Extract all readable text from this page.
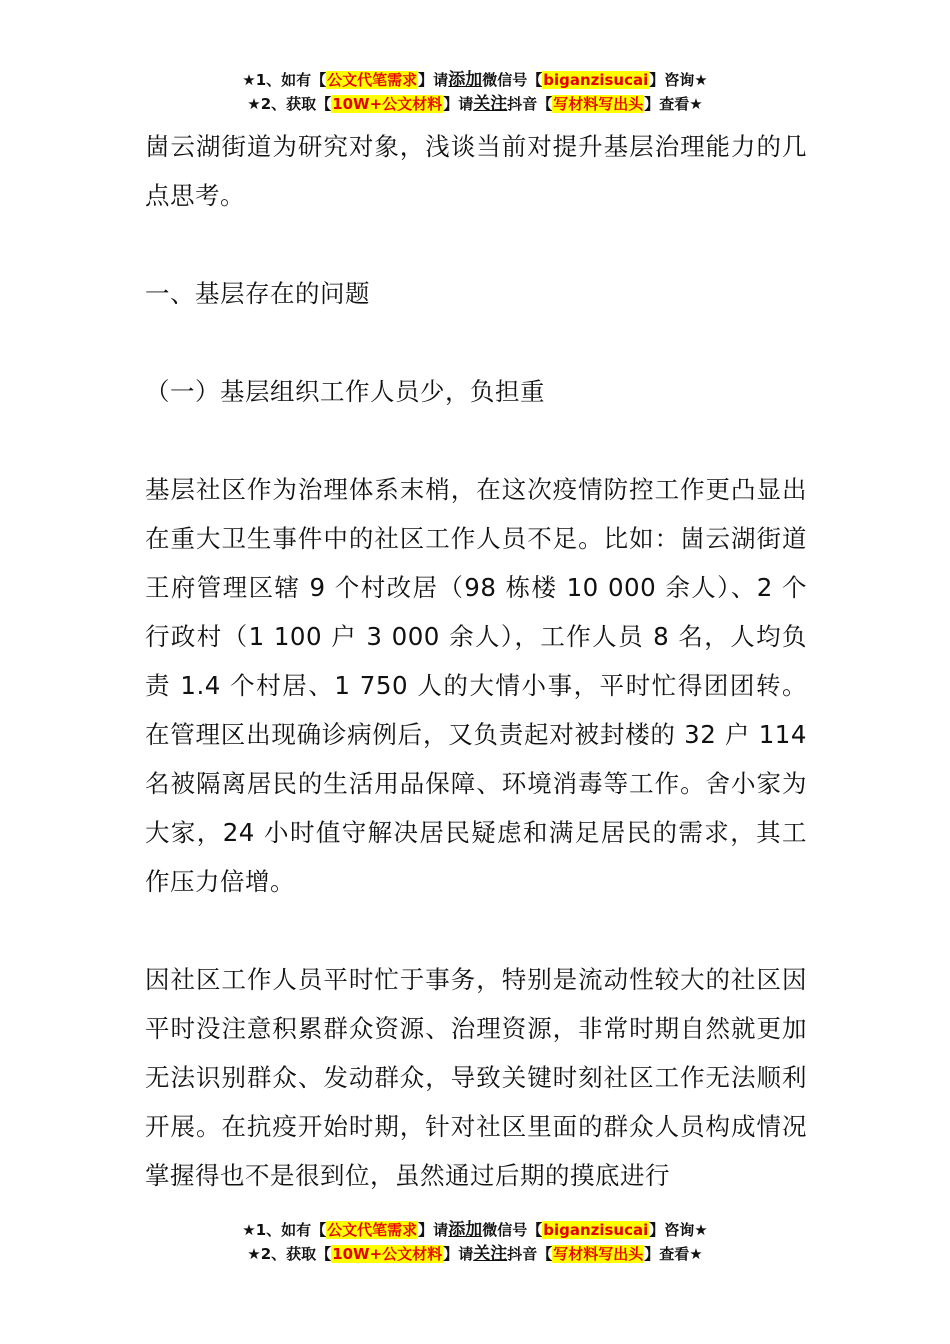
★1、如有【公文代笔需求】请添加微信号【biganzisucai】咨询★
★2、获取【10W+公文材料】请关注抖音【写材料写出头】查看★

崮云湖街道为研究对象，浅谈当前对提升基层治理能力的几点思考。

一、基层存在的问题

（一）基层组织工作人员少，负担重

基层社区作为治理体系末梢，在这次疫情防控工作更凸显出在重大卫生事件中的社区工作人员不足。比如：崮云湖街道王府管理区辖 9 个村改居（98 栋楼 10 000 余人）、2 个行政村（1 100 户 3 000 余人），工作人员 8 名，人均负责 1.4 个村居、1 750 人的大情小事，平时忙得团团转。在管理区出现确诊病例后，又负责起对被封楼的 32 户 114 名被隔离居民的生活用品保障、环境消毒等工作。舍小家为大家，24 小时值守解决居民疑虑和满足居民的需求，其工作压力倍增。

因社区工作人员平时忙于事务，特别是流动性较大的社区因平时没注意积累群众资源、治理资源，非常时期自然就更加无法识别群众、发动群众，导致关键时刻社区工作无法顺利开展。在抗疫开始时期，针对社区里面的群众人员构成情况掌握得也不是很到位，虽然通过后期的摸底进行

★1、如有【公文代笔需求】请添加微信号【biganzisucai】咨询★
★2、获取【10W+公文材料】请关注抖音【写材料写出头】查看★
